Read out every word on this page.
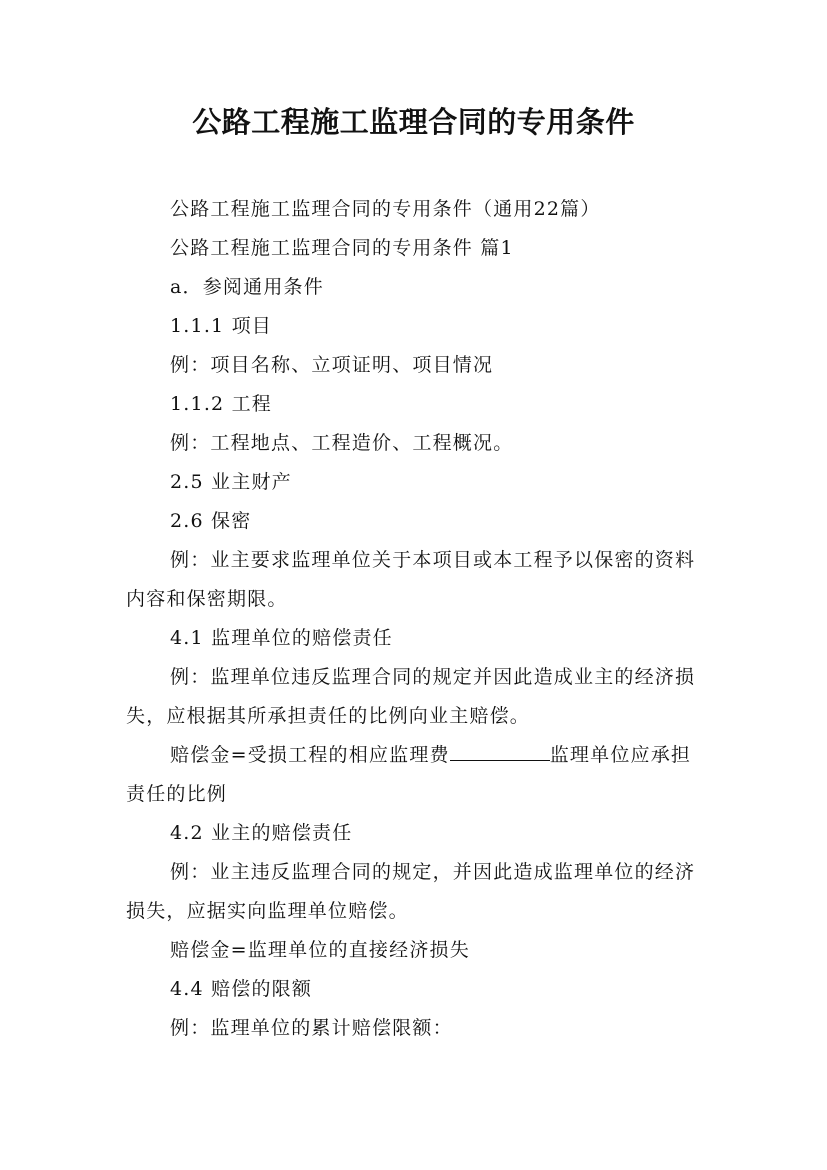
公路工程施工监理合同的专用条件

公路工程施工监理合同的专用条件（通用22篇）

公路工程施工监理合同的专用条件 篇1

a．参阅通用条件

1.1.1 项目

例：项目名称、立项证明、项目情况

1.1.2 工程

例：工程地点、工程造价、工程概况。

2.5 业主财产

2.6 保密

例：业主要求监理单位关于本项目或本工程予以保密的资料内容和保密期限。

4.1 监理单位的赔偿责任

例：监理单位违反监理合同的规定并因此造成业主的经济损失，应根据其所承担责任的比例向业主赔偿。

赔偿金=受损工程的相应监理费	监理单位应承担责任的比例

4.2 业主的赔偿责任

例：业主违反监理合同的规定，并因此造成监理单位的经济损失，应据实向监理单位赔偿。

赔偿金=监理单位的直接经济损失

4.4 赔偿的限额

例：监理单位的累计赔偿限额：
